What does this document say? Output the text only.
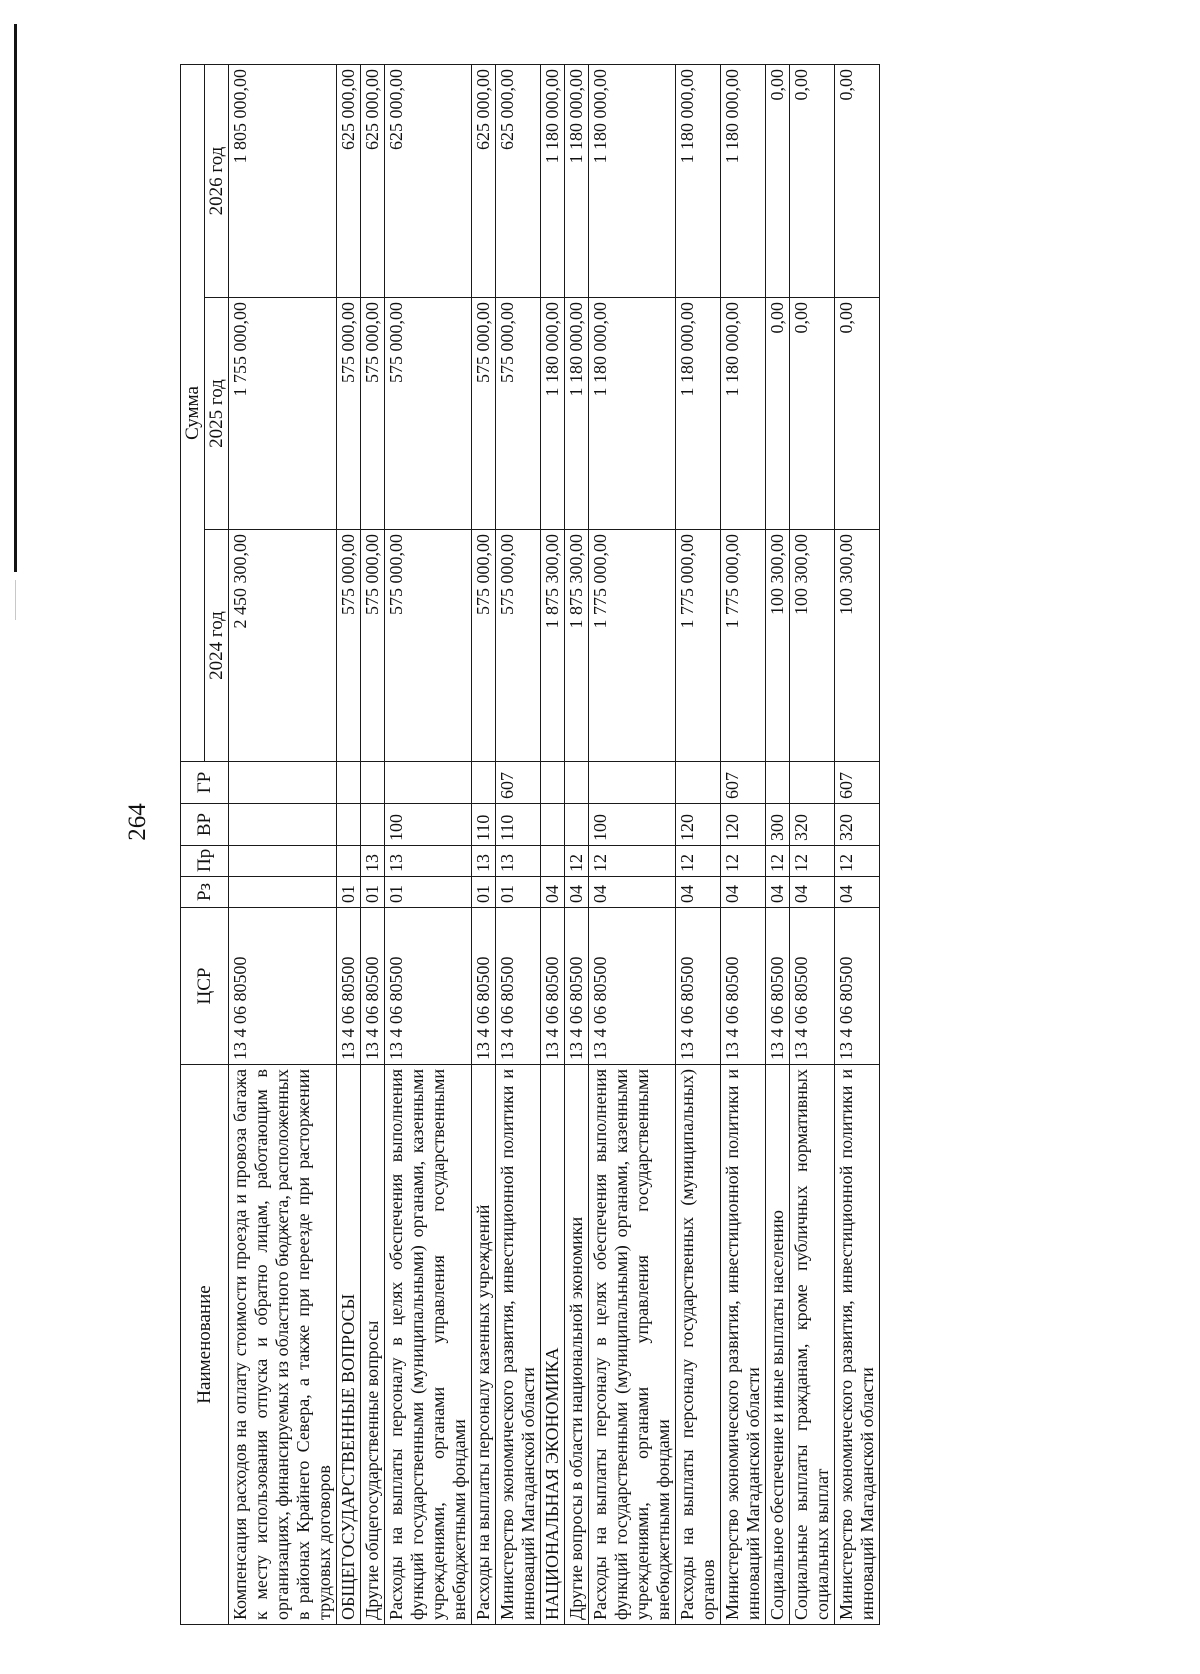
264
Наименование	ЦСР	Рз	Пр	ВР	ГР	Сумма		
						2024 год	2025 год	2026 год
Компенсация расходов на оплату стоимости проезда и провоза багажа к месту использования отпуска и обратно лицам, работающим в организациях, финансируемых из областного бюджета, расположенных в районах Крайнего Севера, а также при переезде при расторжении трудовых договоров	13 4 06 80500					2 450 300,00	1 755 000,00	1 805 000,00
ОБЩЕГОСУДАРСТВЕННЫЕ ВОПРОСЫ	13 4 06 80500	01				575 000,00	575 000,00	625 000,00
Другие общегосударственные вопросы	13 4 06 80500	01	13			575 000,00	575 000,00	625 000,00
Расходы на выплаты персоналу в целях обеспечения выполнения функций государственными (муниципальными) органами, казенными учреждениями, органами управления государственными внебюджетными фондами	13 4 06 80500	01	13	100		575 000,00	575 000,00	625 000,00
Расходы на выплаты персоналу казенных учреждений	13 4 06 80500	01	13	110		575 000,00	575 000,00	625 000,00
Министерство экономического развития, инвестиционной политики и инноваций Магаданской области	13 4 06 80500	01	13	110	607	575 000,00	575 000,00	625 000,00
НАЦИОНАЛЬНАЯ ЭКОНОМИКА	13 4 06 80500	04				1 875 300,00	1 180 000,00	1 180 000,00
Другие вопросы в области национальной экономики	13 4 06 80500	04	12			1 875 300,00	1 180 000,00	1 180 000,00
Расходы на выплаты персоналу в целях обеспечения выполнения функций государственными (муниципальными) органами, казенными учреждениями, органами управления государственными внебюджетными фондами	13 4 06 80500	04	12	100		1 775 000,00	1 180 000,00	1 180 000,00
Расходы на выплаты персоналу государственных (муниципальных) органов	13 4 06 80500	04	12	120		1 775 000,00	1 180 000,00	1 180 000,00
Министерство экономического развития, инвестиционной политики и инноваций Магаданской области	13 4 06 80500	04	12	120	607	1 775 000,00	1 180 000,00	1 180 000,00
Социальное обеспечение и иные выплаты населению	13 4 06 80500	04	12	300		100 300,00	0,00	0,00
Социальные выплаты гражданам, кроме публичных нормативных социальных выплат	13 4 06 80500	04	12	320		100 300,00	0,00	0,00
Министерство экономического развития, инвестиционной политики и инноваций Магаданской области	13 4 06 80500	04	12	320	607	100 300,00	0,00	0,00
